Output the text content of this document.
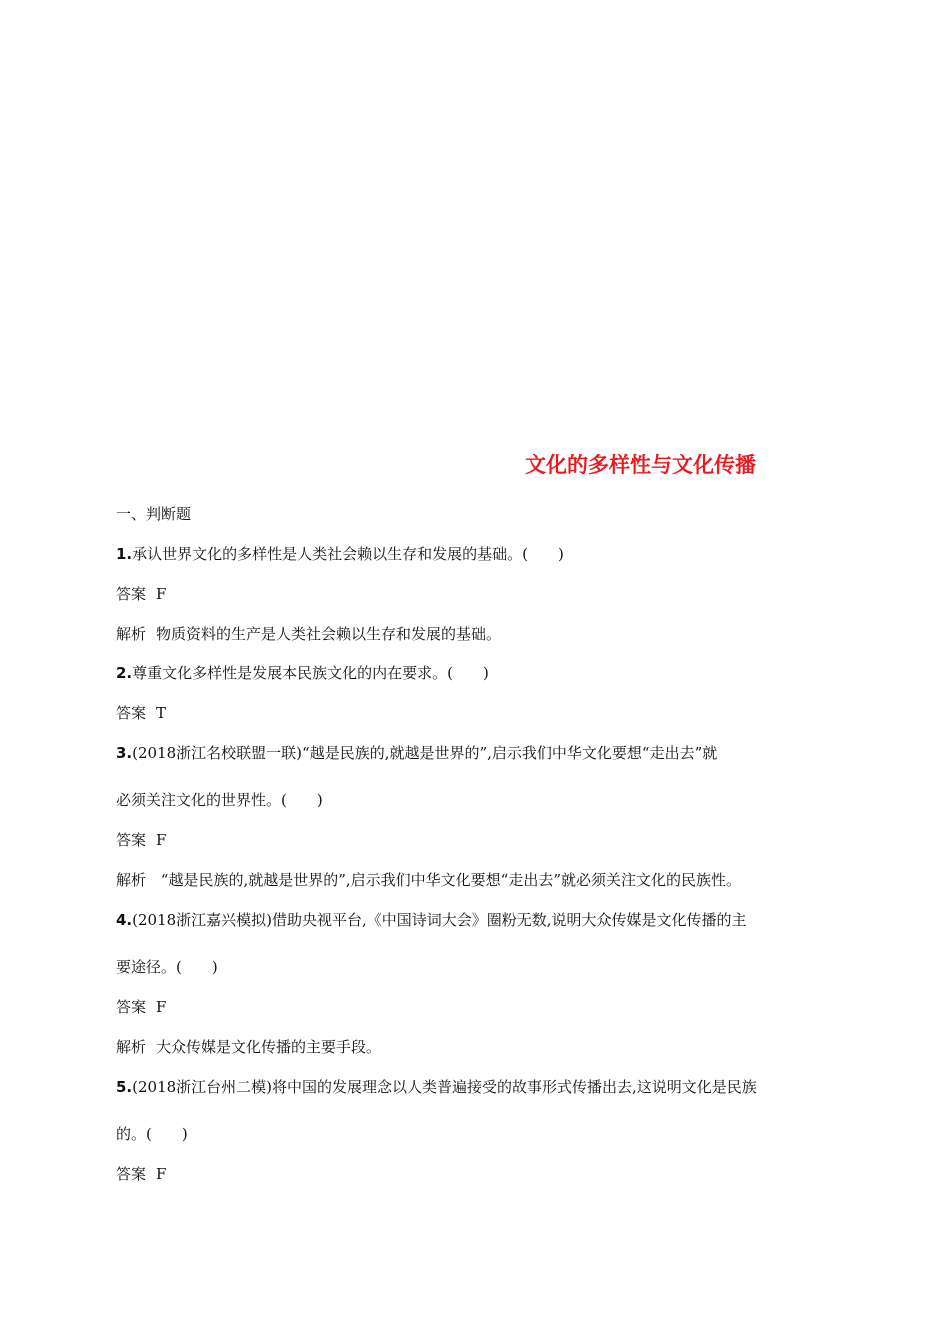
文化的多样性与文化传播
一、判断题
1.承认世界文化的多样性是人类社会赖以生存和发展的基础。(　　)
答案 F
解析 物质资料的生产是人类社会赖以生存和发展的基础。
2.尊重文化多样性是发展本民族文化的内在要求。(　　)
答案 T
3.(2018浙江名校联盟一联)“越是民族的,就越是世界的”,启示我们中华文化要想“走出去”就
必须关注文化的世界性。(　　)
答案 F
解析 “越是民族的,就越是世界的”,启示我们中华文化要想“走出去”就必须关注文化的民族性。
4.(2018浙江嘉兴模拟)借助央视平台,《中国诗词大会》圈粉无数,说明大众传媒是文化传播的主
要途径。(　　)
答案 F
解析 大众传媒是文化传播的主要手段。
5.(2018浙江台州二模)将中国的发展理念以人类普遍接受的故事形式传播出去,这说明文化是民族
的。(　　)
答案 F
